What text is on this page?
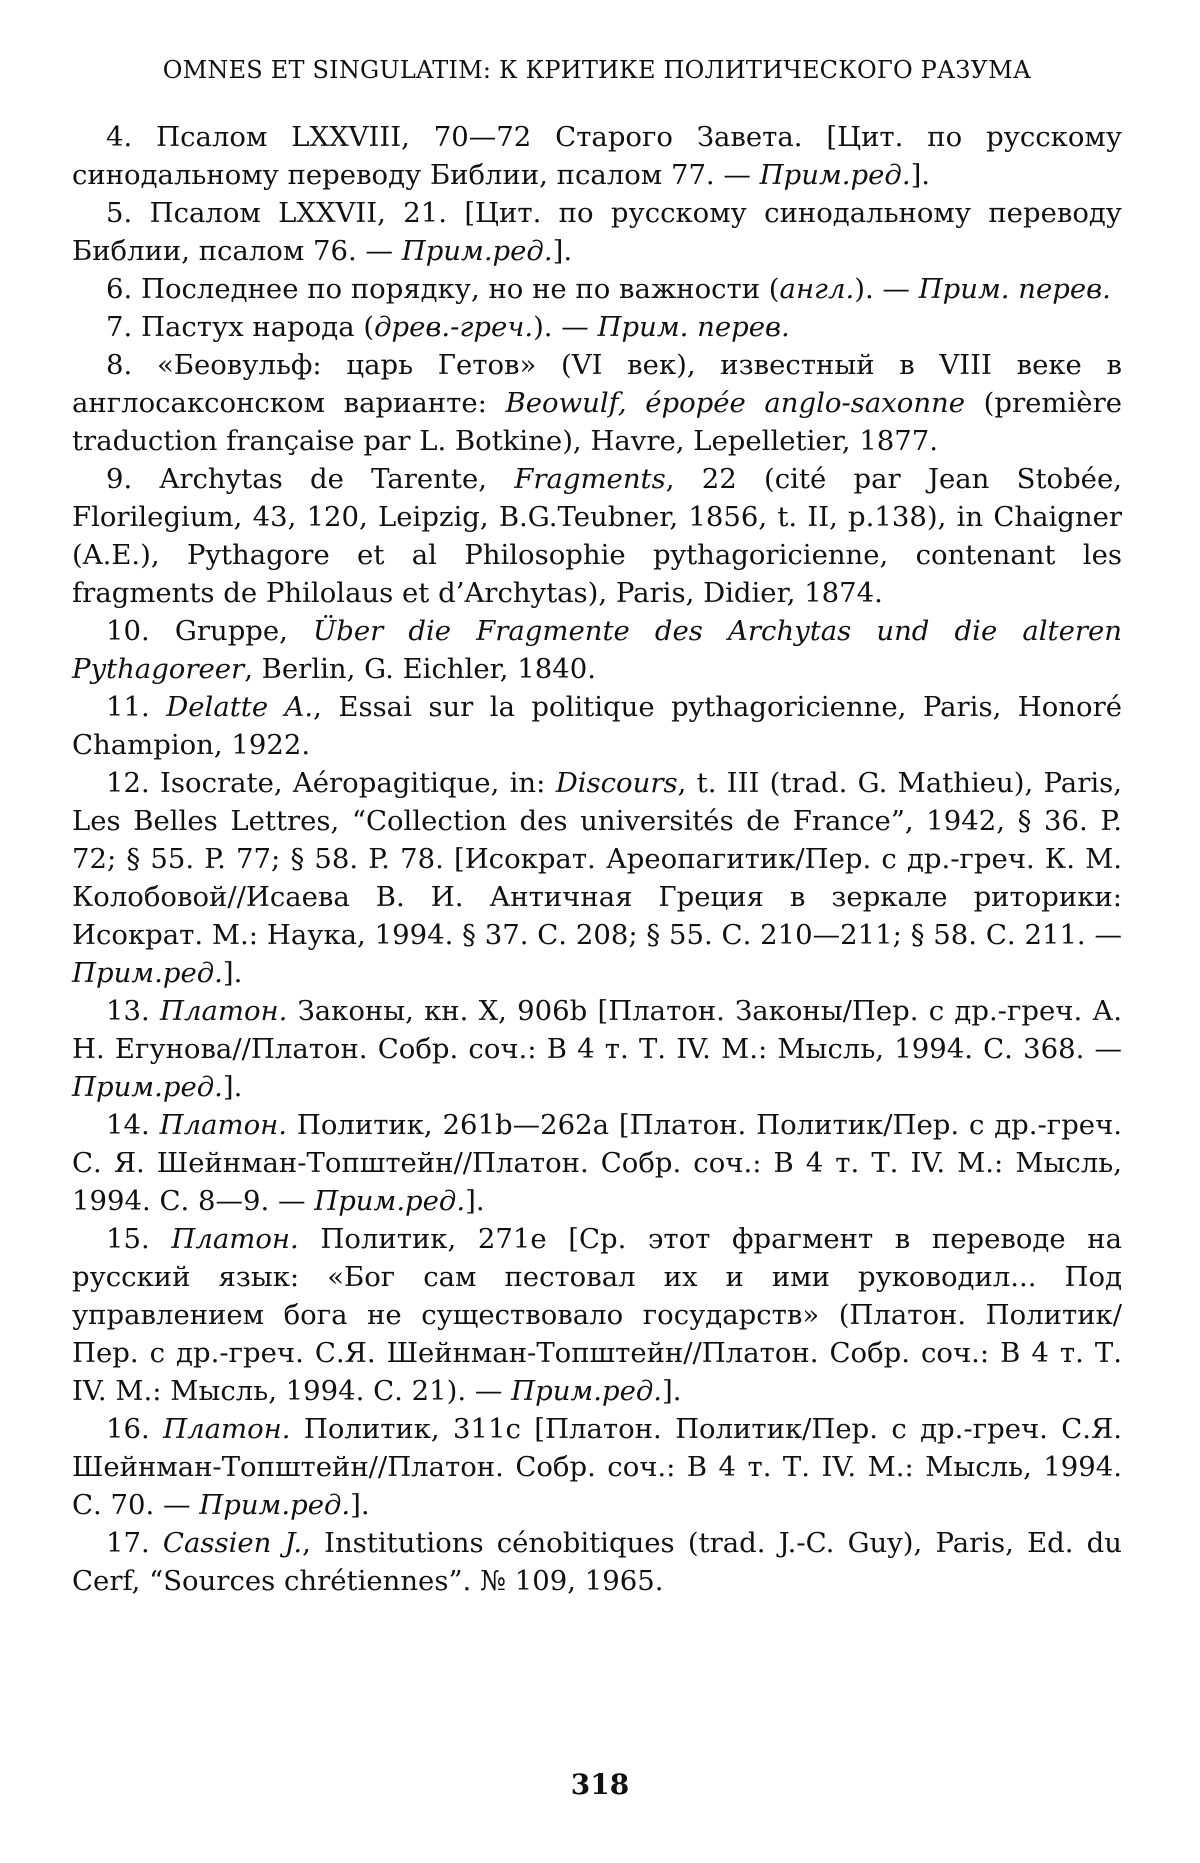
OMNES ET SINGULATIM: К КРИТИКЕ ПОЛИТИЧЕСКОГО РАЗУМА

4. Псалом LXXVIII, 70—72 Старого Завета. [Цит. по русскому синодальному переводу Библии, псалом 77. — Прим.ред.].

5. Псалом LXXVII, 21. [Цит. по русскому синодальному переводу Библии, псалом 76. — Прим.ред.].

6. Последнее по порядку, но не по важности (англ.). — Прим. перев.

7. Пастух народа (древ.-греч.). — Прим. перев.

8. «Беовульф: царь Гетов» (VI век), известный в VIII веке в англосаксонском варианте: Beowulf, épopée anglo-saxonne (première traduction française par L. Botkine), Havre, Lepelletier, 1877.

9. Archytas de Tarente, Fragments, 22 (cité par Jean Stobée, Florilegium, 43, 120, Leipzig, B.G.Teubner, 1856, t. II, p.138), in Chaigner (A.E.), Pythagore et al Philosophie pythagoricienne, contenant les fragments de Philolaus et d’Archytas), Paris, Didier, 1874.

10. Gruppe, Über die Fragmente des Archytas und die alteren Pythagoreer, Berlin, G. Eichler, 1840.

11. Delatte A., Essai sur la politique pythagoricienne, Paris, Honoré Champion, 1922.

12. Isocrate, Aéropagitique, in: Discours, t. III (trad. G. Mathieu), Paris, Les Belles Lettres, “Collection des universités de France”, 1942, § 36. P. 72; § 55. P. 77; § 58. P. 78. [Исократ. Ареопагитик/Пер. с др.-греч. К. М. Колобовой//Исаева В. И. Античная Греция в зеркале риторики: Исократ. М.: Наука, 1994. § 37. С. 208; § 55. С. 210—211; § 58. С. 211. — Прим.ред.].

13. Платон. Законы, кн. X, 906b [Платон. Законы/Пер. с др.-греч. А. Н. Егунова//Платон. Собр. соч.: В 4 т. Т. IV. М.: Мысль, 1994. С. 368. — Прим.ред.].

14. Платон. Политик, 261b—262a [Платон. Политик/Пер. с др.-греч. С. Я. Шейнман-Топштейн//Платон. Собр. соч.: В 4 т. Т. IV. М.: Мысль, 1994. С. 8—9. — Прим.ред.].

15. Платон. Политик, 271e [Ср. этот фрагмент в переводе на русский язык: «Бог сам пестовал их и ими руководил... Под управлением бога не существовало государств» (Платон. Политик/Пер. с др.-греч. С.Я. Шейнман-Топштейн//Платон. Собр. соч.: В 4 т. Т. IV. М.: Мысль, 1994. С. 21). — Прим.ред.].

16. Платон. Политик, 311c [Платон. Политик/Пер. с др.-греч. С.Я. Шейнман-Топштейн//Платон. Собр. соч.: В 4 т. Т. IV. М.: Мысль, 1994. С. 70. — Прим.ред.].

17. Cassien J., Institutions cénobitiques (trad. J.-C. Guy), Paris, Ed. du Cerf, “Sources chrétiennes”. № 109, 1965.

318
